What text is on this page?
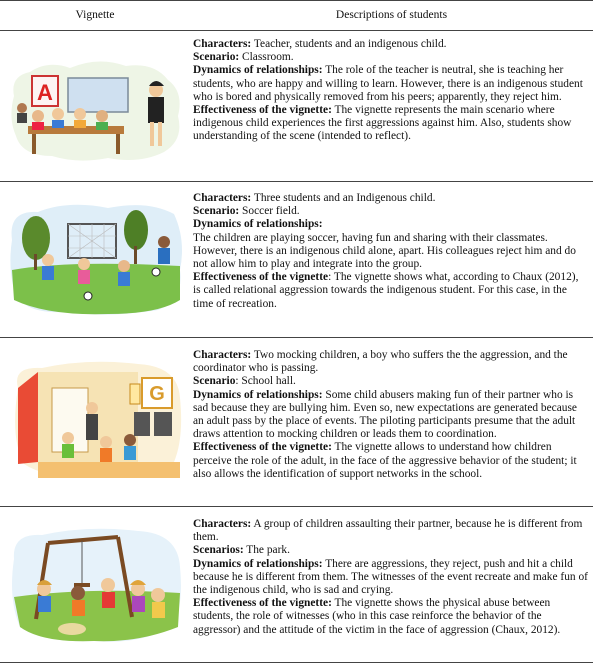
Vignette	Descriptions of students
A

Characters: Teacher, students and an indigenous child.

Scenario: Classroom.

Dynamics of relationships: The role of the teacher is neutral, she is teaching her students, who are happy and willing to learn. However, there is an indigenous student who is bored and physically removed from his peers; apparently, they reject him.

Effectiveness of the vignette: The vignette represents the main scenario where indigenous child experiences the first aggressions against him. Also, students show understanding of the scene (intended to reflect).

Characters: Three students and an Indigenous child.

Scenario: Soccer field.

Dynamics of relationships:

The children are playing soccer, having fun and sharing with their classmates. However, there is an indigenous child alone, apart. His colleagues reject him and do not allow him to play and integrate into the group.

Effectiveness of the vignette: The vignette shows what, according to Chaux (2012), is called relational aggression towards the indigenous student. For this case, in the time of recreation.

G

Characters: Two mocking children, a boy who suffers the the aggression, and the coordinator who is passing.

Scenario: School hall.

Dynamics of relationships: Some child abusers making fun of their partner who is sad because they are bullying him. Even so, new expectations are generated because an adult pass by the place of events. The piloting participants presume that the adult draws attention to mocking children or leads them to coordination.

Effectiveness of the vignette: The vignette allows to understand how children perceive the role of the adult, in the face of the aggressive behavior of the student; it also allows the identification of support networks in the school.

Characters: A group of children assaulting their partner, because he is different from them.

Scenarios: The park.

Dynamics of relationships: There are aggressions, they reject, push and hit a child because he is different from them. The witnesses of the event recreate and make fun of the indigenous child, who is sad and crying.

Effectiveness of the vignette: The vignette shows the physical abuse between students, the role of witnesses (who in this case reinforce the behavior of the aggressor) and the attitude of the victim in the face of aggression (Chaux, 2012).
